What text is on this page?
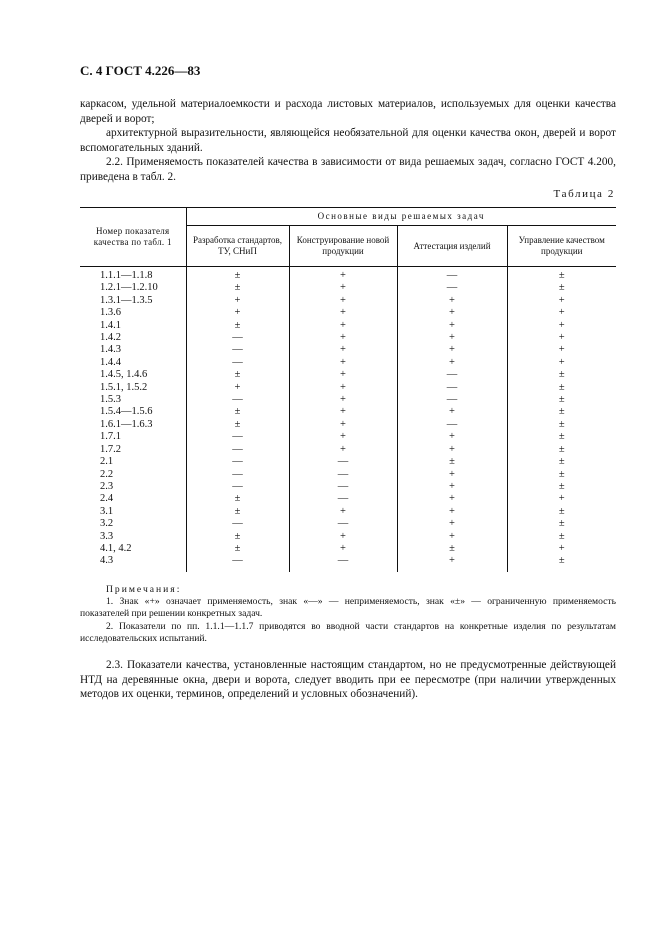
С. 4 ГОСТ 4.226—83

каркасом, удельной материалоемкости и расхода листовых материалов, используемых для оценки качества дверей и ворот;

архитектурной выразительности, являющейся необязательной для оценки качества окон, дверей и ворот вспомогательных зданий.

2.2. Применяемость показателей качества в зависимости от вида решаемых задач, согласно ГОСТ 4.200, приведена в табл. 2.

Таблица 2
Номер показателя качества по табл. 1	Основные виды решаемых задач			
	Разработка стандартов, ТУ, СНиП	Конструирование новой продукции	Аттестация изделий	Управление качеством продукции
1.1.1—1.1.8	±	+	—	±
1.2.1—1.2.10	±	+	—	±
1.3.1—1.3.5	+	+	+	+
1.3.6	+	+	+	+
1.4.1	±	+	+	+
1.4.2	—	+	+	+
1.4.3	—	+	+	+
1.4.4	—	+	+	+
1.4.5, 1.4.6	±	+	—	±
1.5.1, 1.5.2	+	+	—	±
1.5.3	—	+	—	±
1.5.4—1.5.6	±	+	+	±
1.6.1—1.6.3	±	+	—	±
1.7.1	—	+	+	±
1.7.2	—	+	+	±
2.1	—	—	±	±
2.2	—	—	+	±
2.3	—	—	+	±
2.4	±	—	+	+
3.1	±	+	+	±
3.2	—	—	+	±
3.3	±	+	+	±
4.1, 4.2	±	+	±	+
4.3	—	—	+	±

Примечания:

1. Знак «+» означает применяемость, знак «—» — неприменяемость, знак «±» — ограниченную применяемость показателей при решении конкретных задач.

2. Показатели по пп. 1.1.1—1.1.7 приводятся во вводной части стандартов на конкретные изделия по результатам исследовательских испытаний.

2.3. Показатели качества, установленные настоящим стандартом, но не предусмотренные действующей НТД на деревянные окна, двери и ворота, следует вводить при ее пересмотре (при наличии утвержденных методов их оценки, терминов, определений и условных обозначений).
